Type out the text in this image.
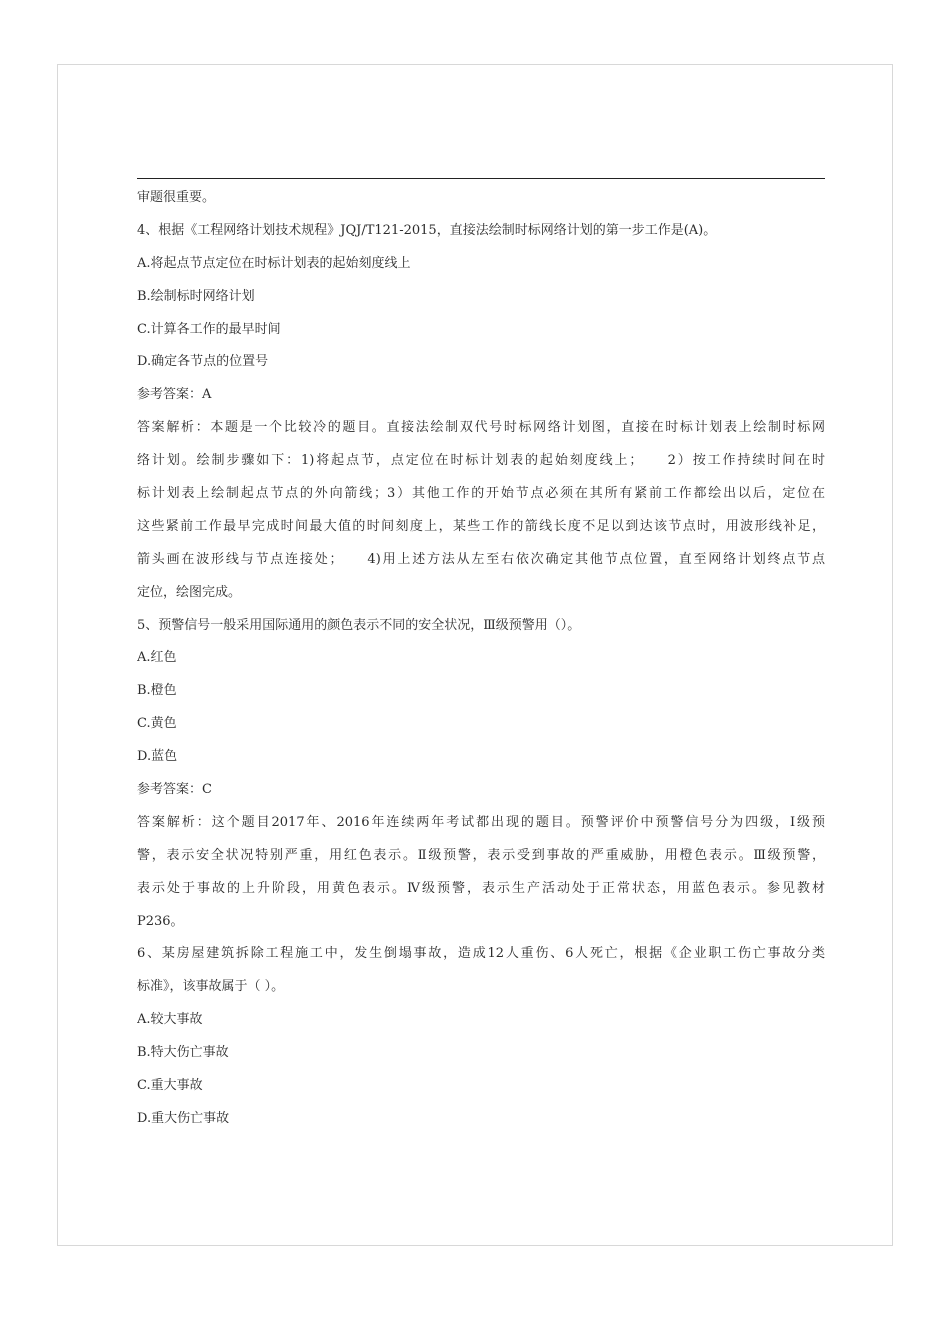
审题很重要。
4、根据《工程网络计划技术规程》JQJ/T121-2015，直接法绘制时标网络计划的第一步工作是(A)。
A.将起点节点定位在时标计划表的起始刻度线上
B.绘制标时网络计划
C.计算各工作的最早时间
D.确定各节点的位置号
参考答案：A
答案解析：本题是一个比较冷的题目。直接法绘制双代号时标网络计划图，直接在时标计划表上绘制时标网
络计划。绘制步骤如下：1)将起点节，点定位在时标计划表的起始刻度线上；　　2）按工作持续时间在时
标计划表上绘制起点节点的外向箭线；3）其他工作的开始节点必须在其所有紧前工作都绘出以后，定位在
这些紧前工作最早完成时间最大值的时间刻度上，某些工作的箭线长度不足以到达该节点时，用波形线补足，
箭头画在波形线与节点连接处；　　4)用上述方法从左至右依次确定其他节点位置，直至网络计划终点节点
定位，绘图完成。
5、预警信号一般采用国际通用的颜色表示不同的安全状况，Ⅲ级预警用（）。
A.红色
B.橙色
C.黄色
D.蓝色
参考答案：C
答案解析：这个题目2017年、2016年连续两年考试都出现的题目。预警评价中预警信号分为四级，Ⅰ级预
警，表示安全状况特别严重，用红色表示。Ⅱ级预警，表示受到事故的严重威胁，用橙色表示。Ⅲ级预警，
表示处于事故的上升阶段，用黄色表示。Ⅳ级预警，表示生产活动处于正常状态，用蓝色表示。参见教材
P236。
6、某房屋建筑拆除工程施工中，发生倒塌事故，造成12人重伤、6人死亡，根据《企业职工伤亡事故分类
标准》，该事故属于（ ）。
A.较大事故
B.特大伤亡事故
C.重大事故
D.重大伤亡事故
